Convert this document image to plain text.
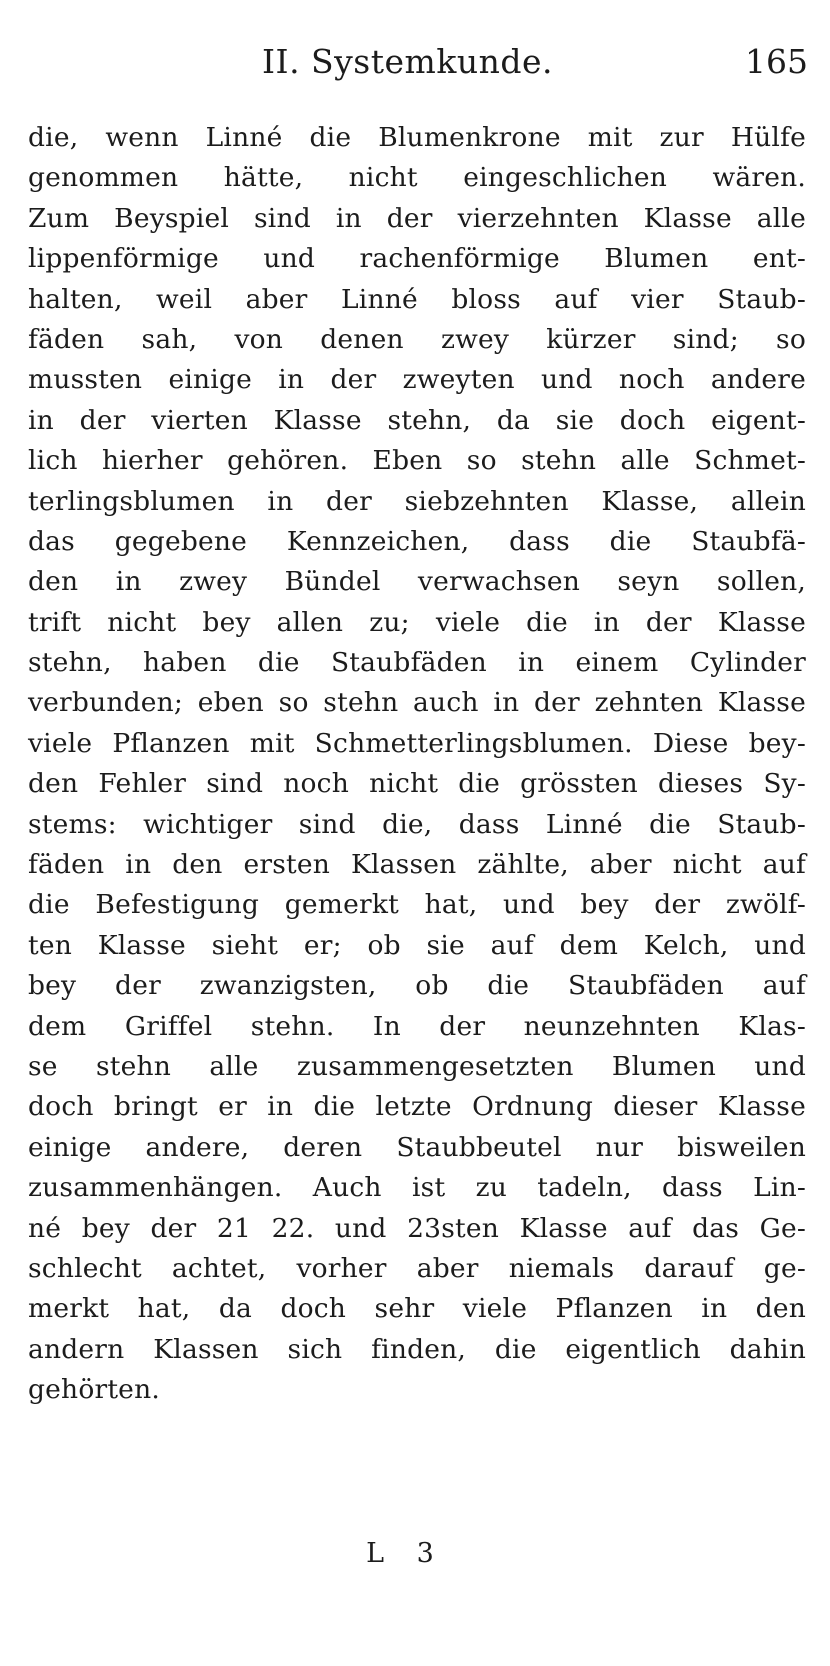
II. Systemkunde.	165
die, wenn Linné die Blumenkrone mit zur Hülfe
genommen hätte, nicht eingeschlichen wären.
Zum Beyspiel sind in der vierzehnten Klasse alle
lippenförmige und rachenförmige Blumen ent-
halten, weil aber Linné bloss auf vier Staub-
fäden sah, von denen zwey kürzer sind; so
mussten einige in der zweyten und noch andere
in der vierten Klasse stehn, da sie doch eigent-
lich hierher gehören. Eben so stehn alle Schmet-
terlingsblumen in der siebzehnten Klasse, allein
das gegebene Kennzeichen, dass die Staubfä-
den in zwey Bündel verwachsen seyn sollen,
trift nicht bey allen zu; viele die in der Klasse
stehn, haben die Staubfäden in einem Cylinder
verbunden; eben so stehn auch in der zehnten Klasse
viele Pflanzen mit Schmetterlingsblumen. Diese bey-
den Fehler sind noch nicht die grössten dieses Sy-
stems: wichtiger sind die, dass Linné die Staub-
fäden in den ersten Klassen zählte, aber nicht auf
die Befestigung gemerkt hat, und bey der zwölf-
ten Klasse sieht er; ob sie auf dem Kelch, und
bey der zwanzigsten, ob die Staubfäden auf
dem Griffel stehn. In der neunzehnten Klas-
se stehn alle zusammengesetzten Blumen und
doch bringt er in die letzte Ordnung dieser Klasse
einige andere, deren Staubbeutel nur bisweilen
zusammenhängen. Auch ist zu tadeln, dass Lin-
né bey der 21 22. und 23sten Klasse auf das Ge-
schlecht achtet, vorher aber niemals darauf ge-
merkt hat, da doch sehr viele Pflanzen in den
andern Klassen sich finden, die eigentlich dahin
gehörten.
L 3
